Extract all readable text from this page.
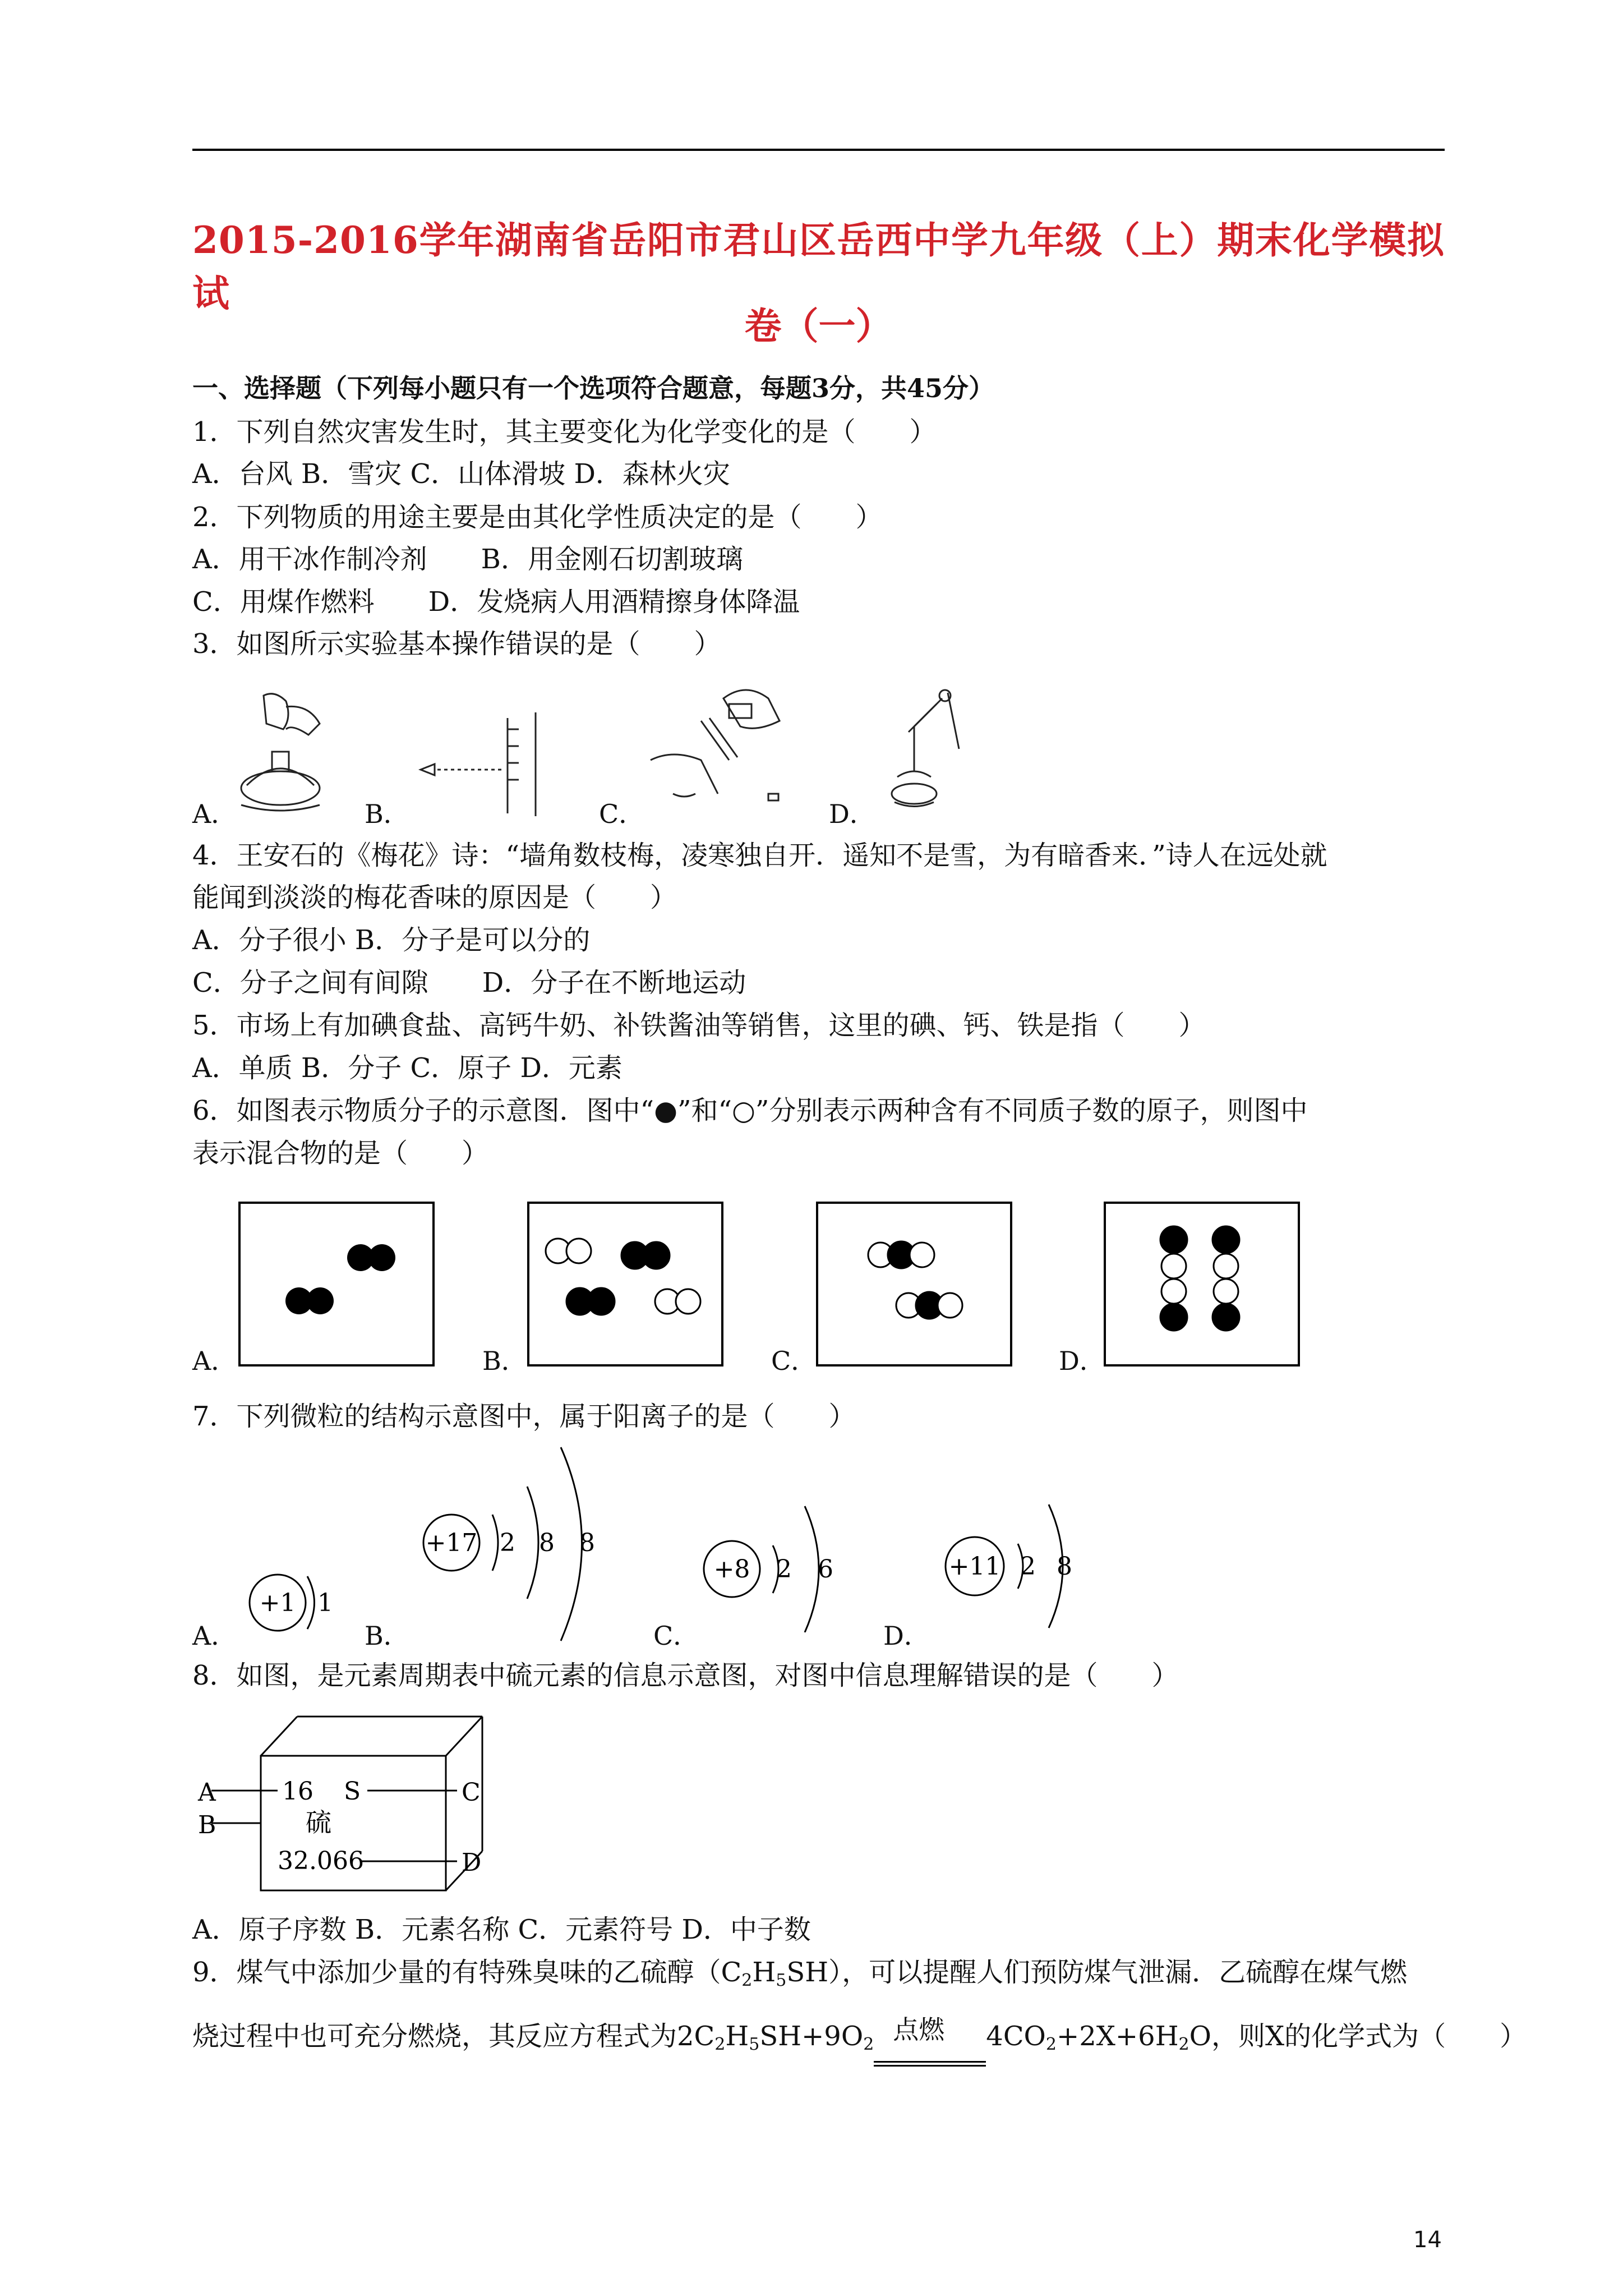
2015-2016学年湖南省岳阳市君山区岳西中学九年级（上）期末化学模拟试
卷（一）
一、选择题（下列每小题只有一个选项符合题意，每题3分，共45分）
1．下列自然灾害发生时，其主要变化为化学变化的是（　　）
A．台风 B．雪灾 C．山体滑坡 D．森林火灾
2．下列物质的用途主要是由其化学性质决定的是（　　）
A．用干冰作制冷剂　　B．用金刚石切割玻璃
C．用煤作燃料　　D．发烧病人用酒精擦身体降温
3．如图所示实验基本操作错误的是（　　）
A．	B．	C．	D．
4．王安石的《梅花》诗：“墙角数枝梅，凌寒独自开．遥知不是雪，为有暗香来．”诗人在远处就
能闻到淡淡的梅花香味的原因是（　　）
A．分子很小 B．分子是可以分的
C．分子之间有间隙　　D．分子在不断地运动
5．市场上有加碘食盐、高钙牛奶、补铁酱油等销售，这里的碘、钙、铁是指（　　）
A．单质 B．分子 C．原子 D．元素
6．如图表示物质分子的示意图．图中“●”和“○”分别表示两种含有不同质子数的原子，则图中
表示混合物的是（　　）
A．	B．	C．	D．
7．下列微粒的结构示意图中，属于阳离子的是（　　）
A．	B．	C．	D．
+1 1
+17 2 8 8
+8 2 6	+11 2 8
8．如图，是元素周期表中硫元素的信息示意图，对图中信息理解错误的是（　　）
A
B
C
D
16 S
硫
32.066
A．原子序数 B．元素名称 C．元素符号 D．中子数
9．煤气中添加少量的有特殊臭味的乙硫醇$(C_2H_5SH)$，可以提醒人们预防煤气泄漏．乙硫醇在煤气燃
烧过程中也可充分燃烧，其反应方程式为$2C_2H_5SH+9O_2$ 点燃 $4CO_2+2X+6H_2O$，则X的化学式为（　　）
14
